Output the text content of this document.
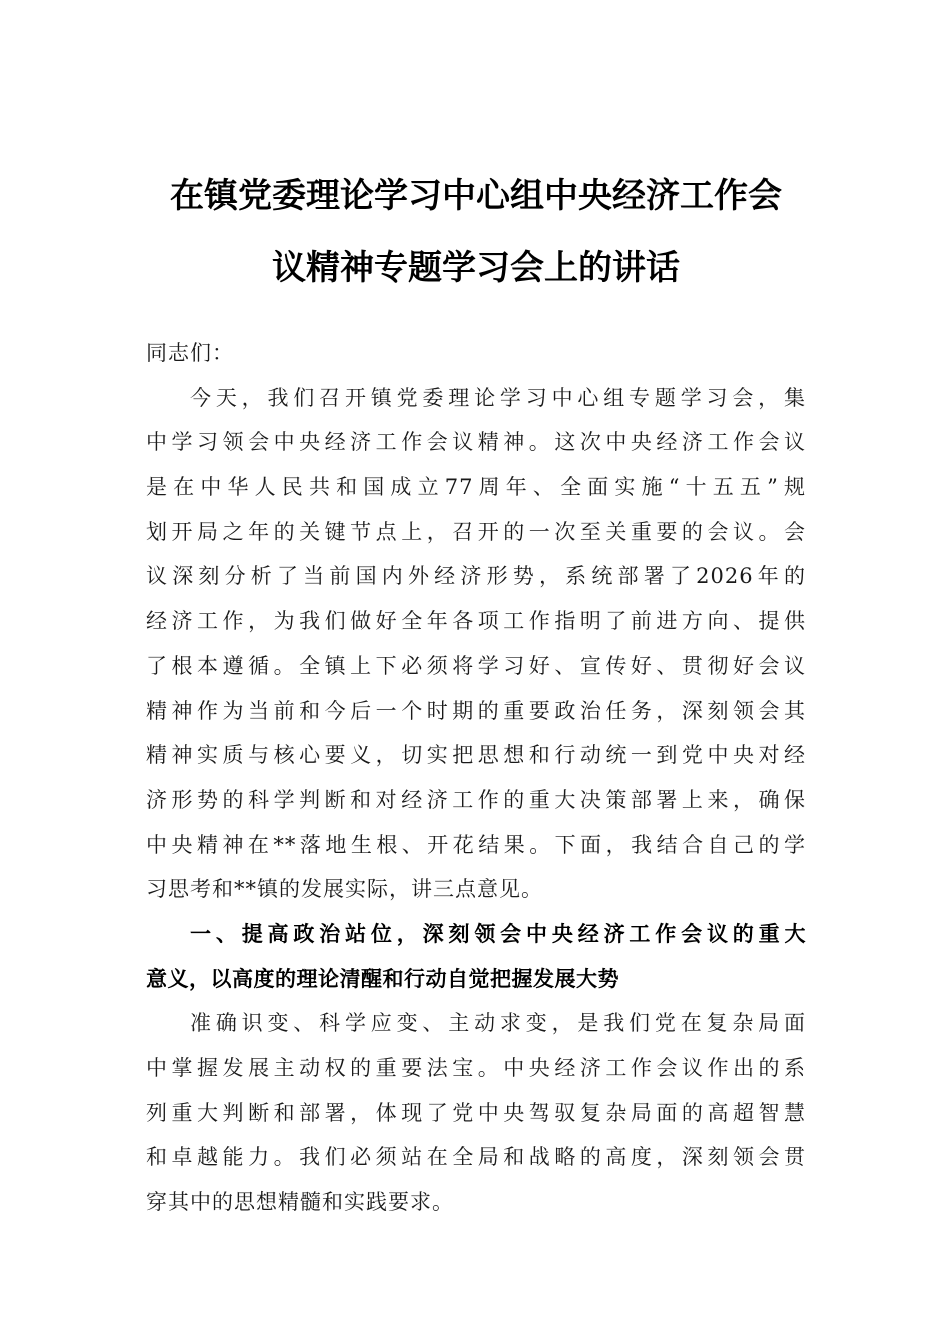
在镇党委理论学习中心组中央经济工作会
议精神专题学习会上的讲话
同志们：
今天，我们召开镇党委理论学习中心组专题学习会，集
中学习领会中央经济工作会议精神。这次中央经济工作会议
是在中华人民共和国成立77周年、全面实施“十五五”规
划开局之年的关键节点上，召开的一次至关重要的会议。会
议深刻分析了当前国内外经济形势，系统部署了2026年的
经济工作，为我们做好全年各项工作指明了前进方向、提供
了根本遵循。全镇上下必须将学习好、宣传好、贯彻好会议
精神作为当前和今后一个时期的重要政治任务，深刻领会其
精神实质与核心要义，切实把思想和行动统一到党中央对经
济形势的科学判断和对经济工作的重大决策部署上来，确保
中央精神在**落地生根、开花结果。下面，我结合自己的学
习思考和**镇的发展实际，讲三点意见。
一、提高政治站位，深刻领会中央经济工作会议的重大
意义，以高度的理论清醒和行动自觉把握发展大势
准确识变、科学应变、主动求变，是我们党在复杂局面
中掌握发展主动权的重要法宝。中央经济工作会议作出的系
列重大判断和部署，体现了党中央驾驭复杂局面的高超智慧
和卓越能力。我们必须站在全局和战略的高度，深刻领会贯
穿其中的思想精髓和实践要求。
